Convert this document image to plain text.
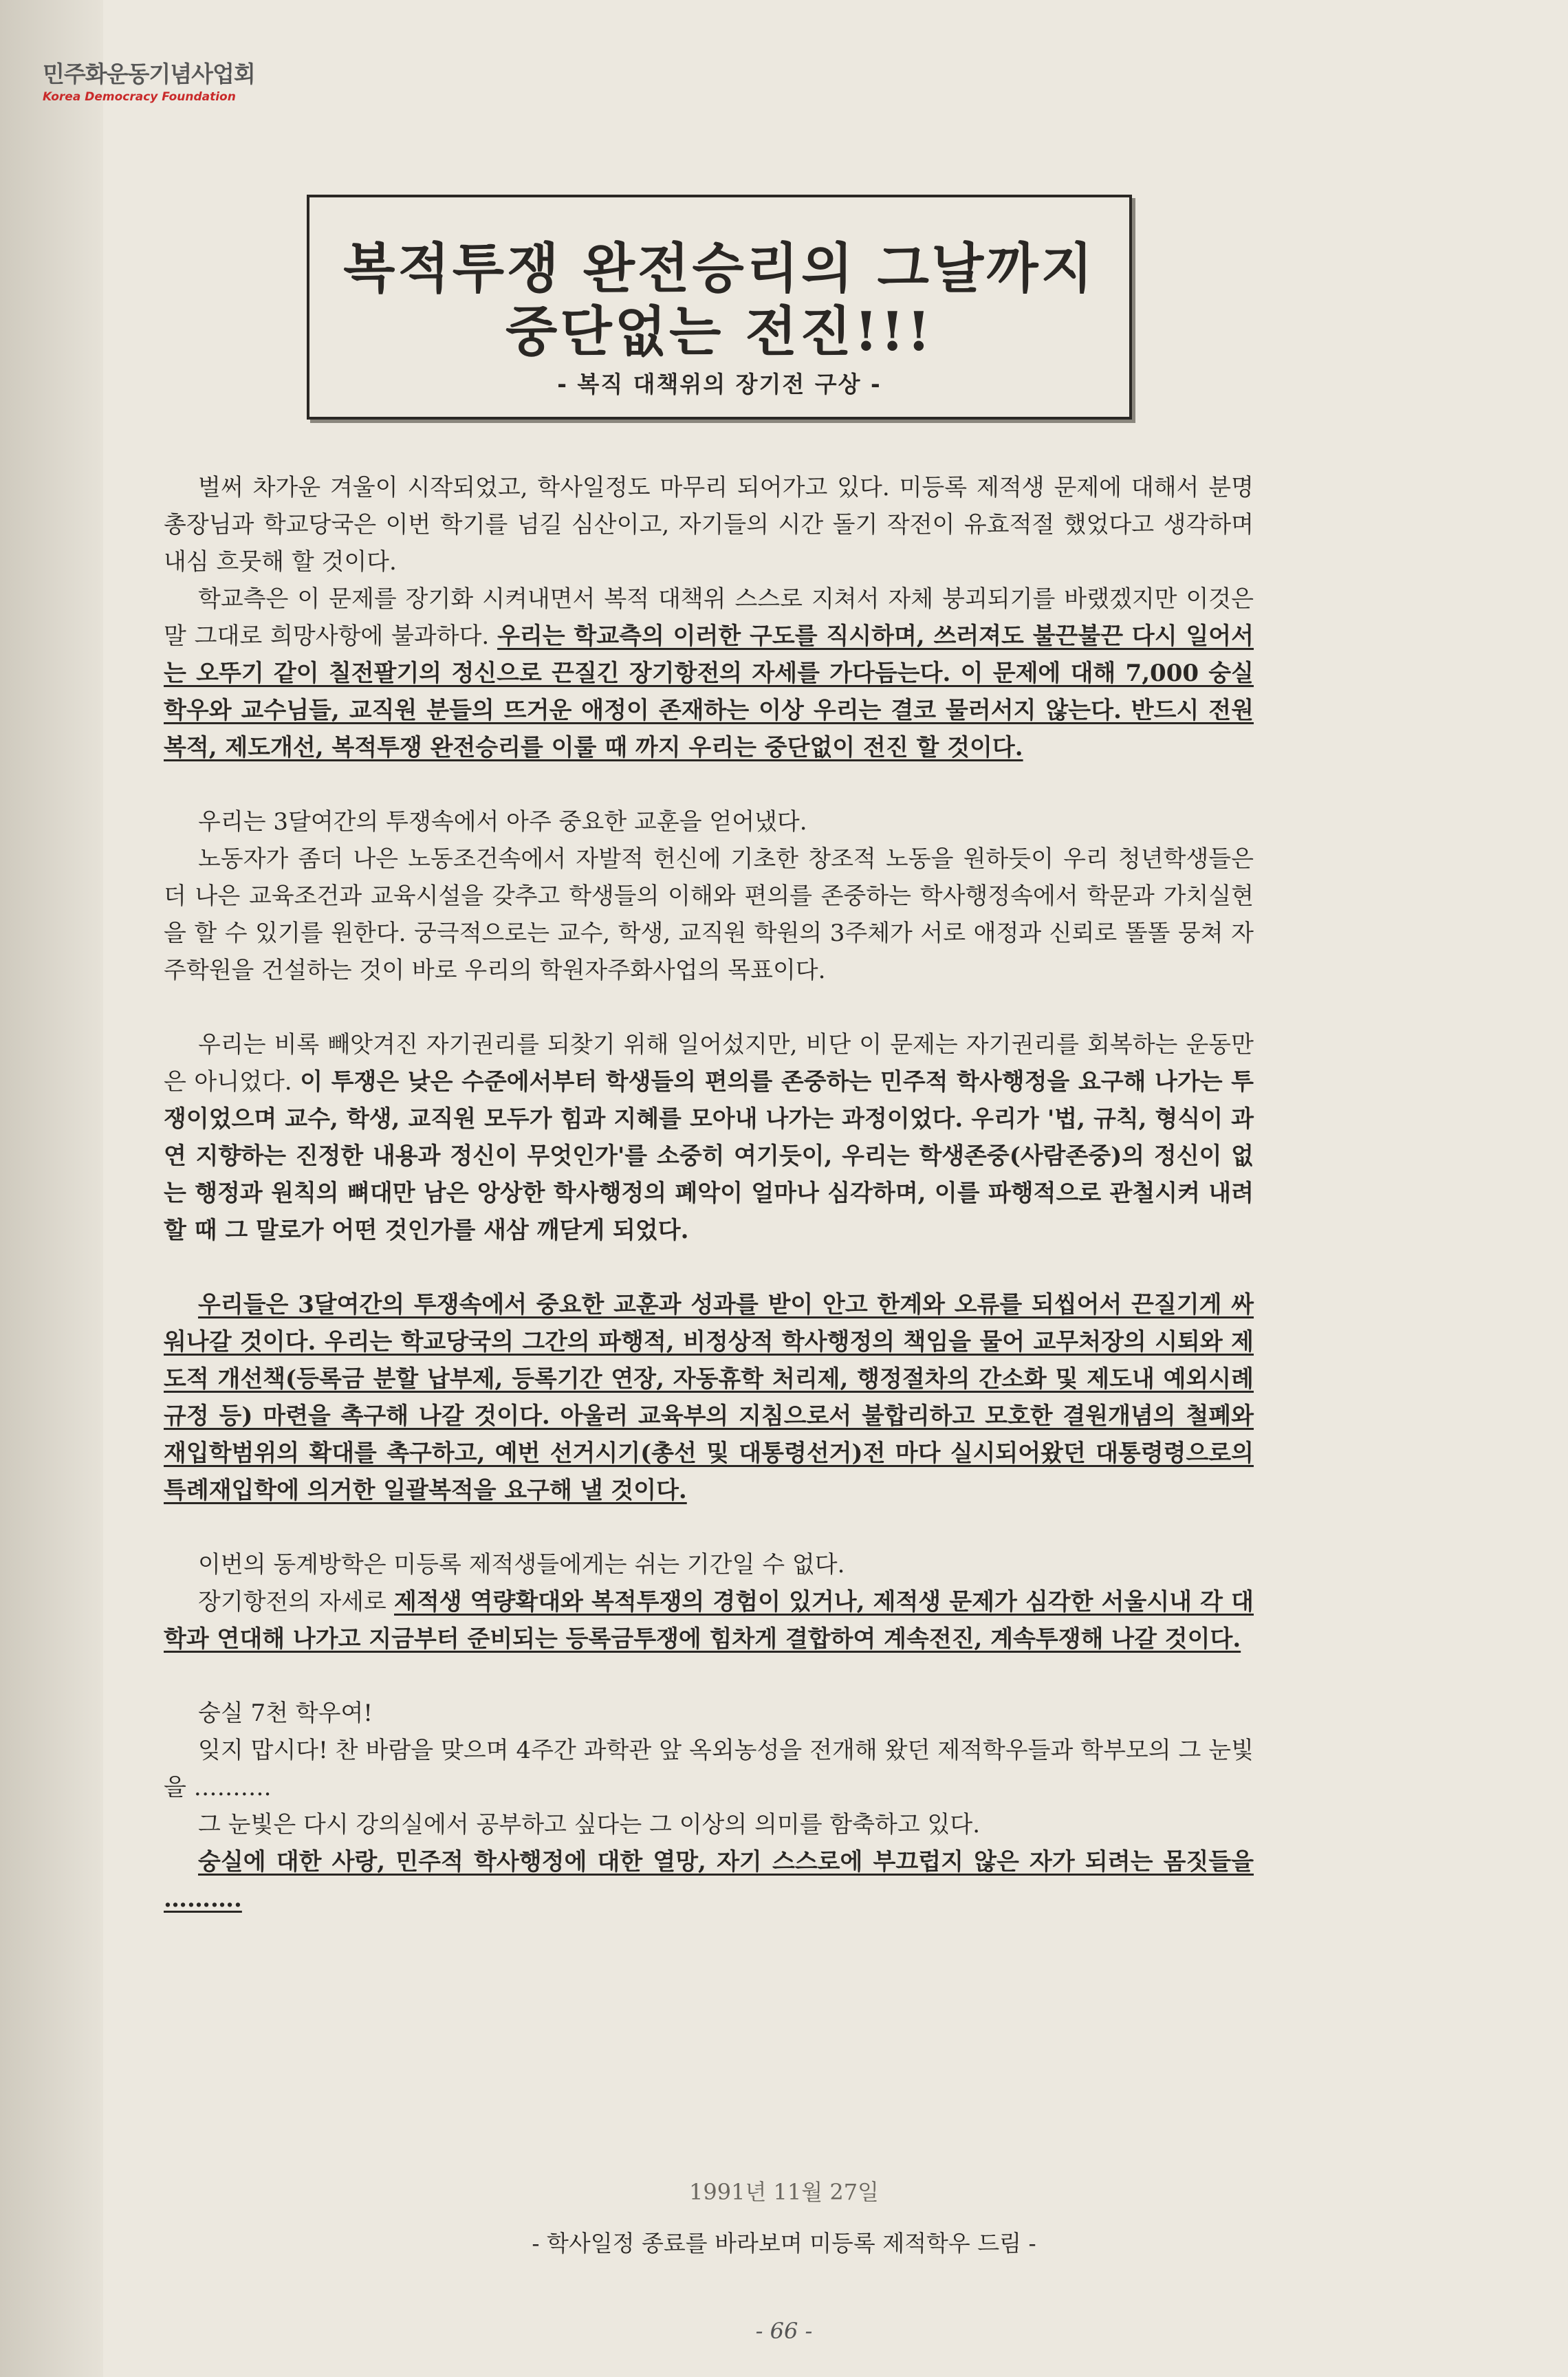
민주화운동기념사업회
Korea Democracy Foundation
복적투쟁 완전승리의 그날까지
중단없는 전진!!!
- 복직 대책위의 장기전 구상 -

벌써 차가운 겨울이 시작되었고, 학사일정도 마무리 되어가고 있다. 미등록 제적생 문제에 대해서 분명 총장님과 학교당국은 이번 학기를 넘길 심산이고, 자기들의 시간 돌기 작전이 유효적절 했었다고 생각하며 내심 흐뭇해 할 것이다.

학교측은 이 문제를 장기화 시켜내면서 복적 대책위 스스로 지쳐서 자체 붕괴되기를 바랬겠지만 이것은 말 그대로 희망사항에 불과하다. 우리는 학교측의 이러한 구도를 직시하며, 쓰러져도 불끈불끈 다시 일어서는 오뚜기 같이 칠전팔기의 정신으로 끈질긴 장기항전의 자세를 가다듬는다. 이 문제에 대해 7,000 숭실학우와 교수님들, 교직원 분들의 뜨거운 애정이 존재하는 이상 우리는 결코 물러서지 않는다. 반드시 전원복적, 제도개선, 복적투쟁 완전승리를 이룰 때 까지 우리는 중단없이 전진 할 것이다.

우리는 3달여간의 투쟁속에서 아주 중요한 교훈을 얻어냈다.

노동자가 좀더 나은 노동조건속에서 자발적 헌신에 기초한 창조적 노동을 원하듯이 우리 청년학생들은 더 나은 교육조건과 교육시설을 갖추고 학생들의 이해와 편의를 존중하는 학사행정속에서 학문과 가치실현을 할 수 있기를 원한다. 궁극적으로는 교수, 학생, 교직원 학원의 3주체가 서로 애정과 신뢰로 똘똘 뭉쳐 자주학원을 건설하는 것이 바로 우리의 학원자주화사업의 목표이다.

우리는 비록 빼앗겨진 자기권리를 되찾기 위해 일어섰지만, 비단 이 문제는 자기권리를 회복하는 운동만은 아니었다. 이 투쟁은 낮은 수준에서부터 학생들의 편의를 존중하는 민주적 학사행정을 요구해 나가는 투쟁이었으며 교수, 학생, 교직원 모두가 힘과 지혜를 모아내 나가는 과정이었다. 우리가 '법, 규칙, 형식이 과연 지향하는 진정한 내용과 정신이 무엇인가'를 소중히 여기듯이, 우리는 학생존중(사람존중)의 정신이 없는 행정과 원칙의 뼈대만 남은 앙상한 학사행정의 폐악이 얼마나 심각하며, 이를 파행적으로 관철시켜 내려할 때 그 말로가 어떤 것인가를 새삼 깨닫게 되었다.

우리들은 3달여간의 투쟁속에서 중요한 교훈과 성과를 받이 안고 한계와 오류를 되씹어서 끈질기게 싸워나갈 것이다. 우리는 학교당국의 그간의 파행적, 비정상적 학사행정의 책임을 물어 교무처장의 시퇴와 제도적 개선책(등록금 분할 납부제, 등록기간 연장, 자동휴학 처리제, 행정절차의 간소화 및 제도내 예외시례 규정 등) 마련을 촉구해 나갈 것이다. 아울러 교육부의 지침으로서 불합리하고 모호한 결원개념의 철폐와 재입학범위의 확대를 촉구하고, 예번 선거시기(총선 및 대통령선거)전 마다 실시되어왔던 대통령령으로의 특례재입학에 의거한 일괄복적을 요구해 낼 것이다.

이번의 동계방학은 미등록 제적생들에게는 쉬는 기간일 수 없다.

장기항전의 자세로 제적생 역량확대와 복적투쟁의 경험이 있거나, 제적생 문제가 심각한 서울시내 각 대학과 연대해 나가고 지금부터 준비되는 등록금투쟁에 힘차게 결합하여 계속전진, 계속투쟁해 나갈 것이다.

숭실 7천 학우여!

잊지 맙시다! 찬 바람을 맞으며 4주간 과학관 앞 옥외농성을 전개해 왔던 제적학우들과 학부모의 그 눈빛을 ……….

그 눈빛은 다시 강의실에서 공부하고 싶다는 그 이상의 의미를 함축하고 있다.

숭실에 대한 사랑, 민주적 학사행정에 대한 열망, 자기 스스로에 부끄럽지 않은 자가 되려는 몸짓들을 ……….

1991년 11월 27일
- 학사일정 종료를 바라보며 미등록 제적학우 드림 -
- 66 -
